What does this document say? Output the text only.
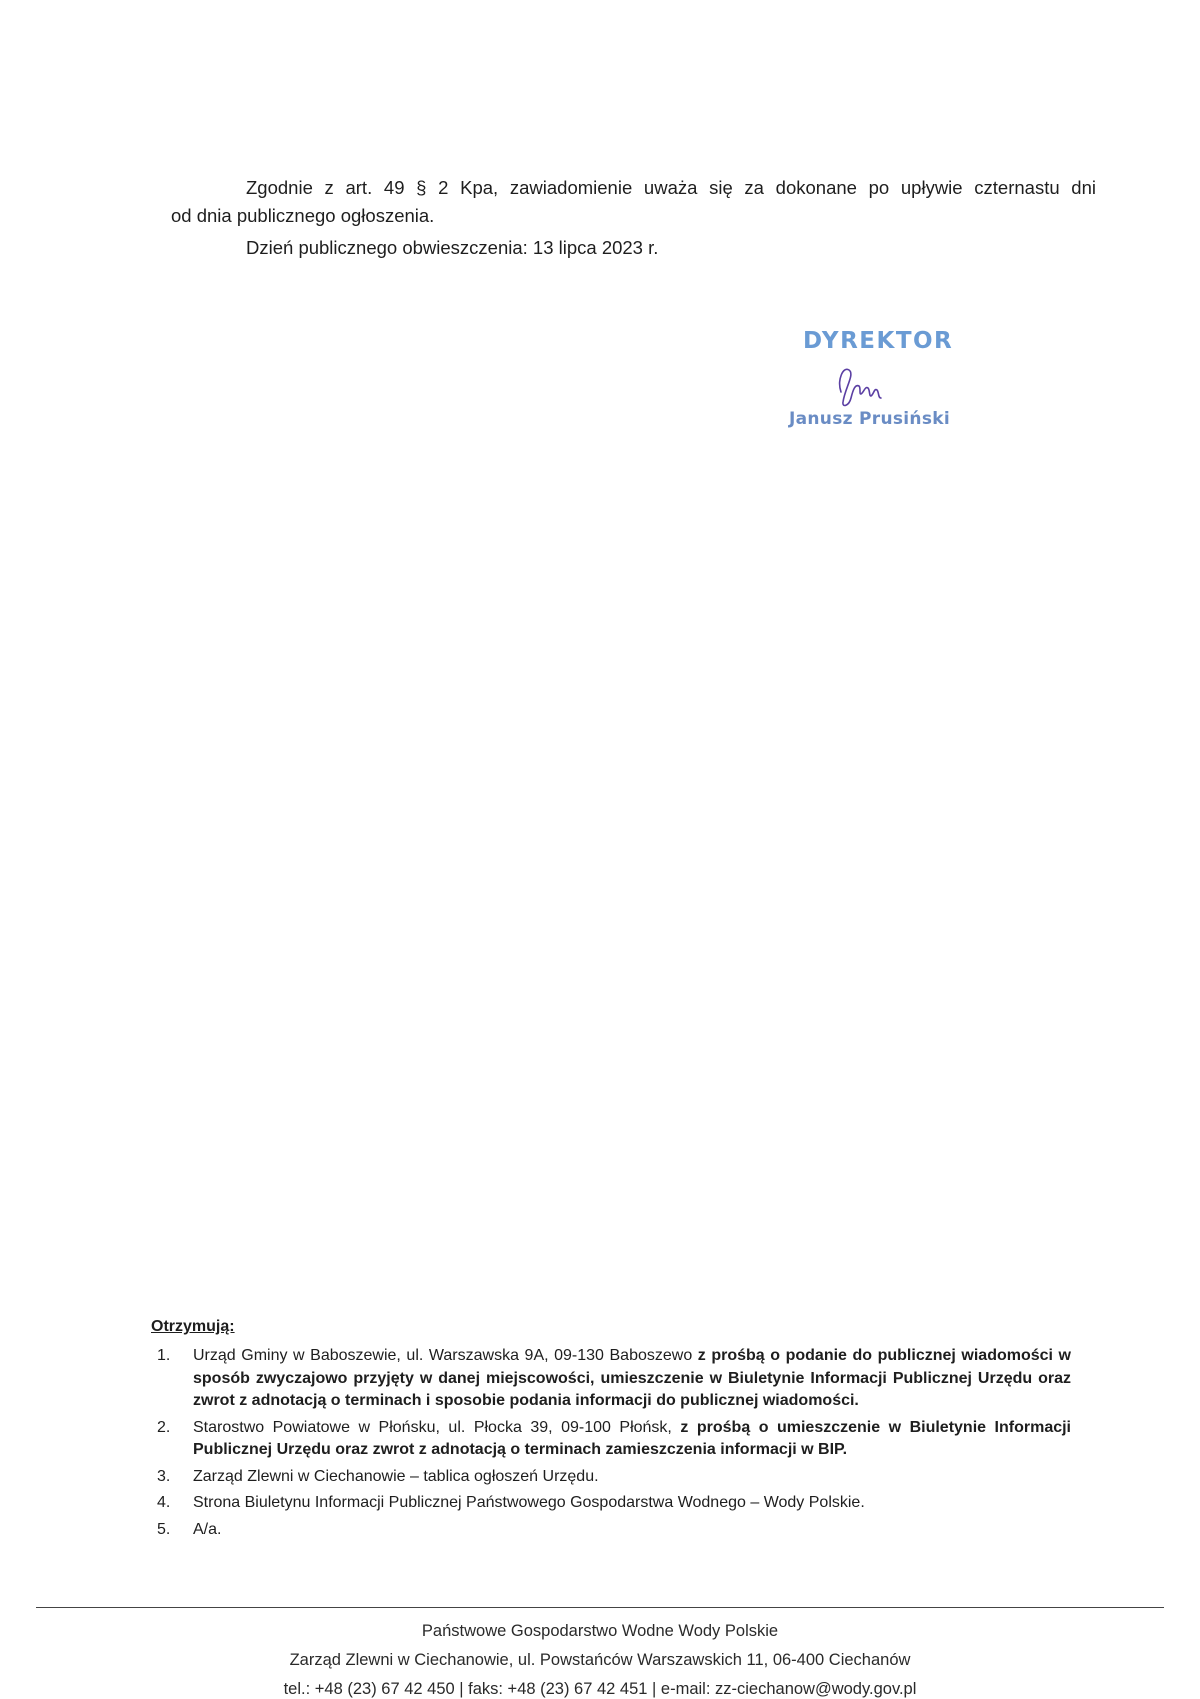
Zgodnie z art. 49 § 2 Kpa, zawiadomienie uważa się za dokonane po upływie czternastu dni

od dnia publicznego ogłoszenia.

Dzień publicznego obwieszczenia: 13 lipca 2023 r.

DYREKTOR
Janusz Prusiński

Otrzymują:

1. Urząd Gminy w Baboszewie, ul. Warszawska 9A, 09-130 Baboszewo z prośbą o podanie do publicznej wiadomości w sposób zwyczajowo przyjęty w danej miejscowości, umieszczenie w Biuletynie Informacji Publicznej Urzędu oraz zwrot z adnotacją o terminach i sposobie podania informacji do publicznej wiadomości.
2. Starostwo Powiatowe w Płońsku, ul. Płocka 39, 09-100 Płońsk, z prośbą o umieszczenie w Biuletynie Informacji Publicznej Urzędu oraz zwrot z adnotacją o terminach zamieszczenia informacji w BIP.
3. Zarząd Zlewni w Ciechanowie – tablica ogłoszeń Urzędu.
4. Strona Biuletynu Informacji Publicznej Państwowego Gospodarstwa Wodnego – Wody Polskie.
5. A/a.
Państwowe Gospodarstwo Wodne Wody Polskie
Zarząd Zlewni w Ciechanowie, ul. Powstańców Warszawskich 11, 06-400 Ciechanów
tel.: +48 (23) 67 42 450 | faks: +48 (23) 67 42 451 | e-mail: zz-ciechanow@wody.gov.pl
